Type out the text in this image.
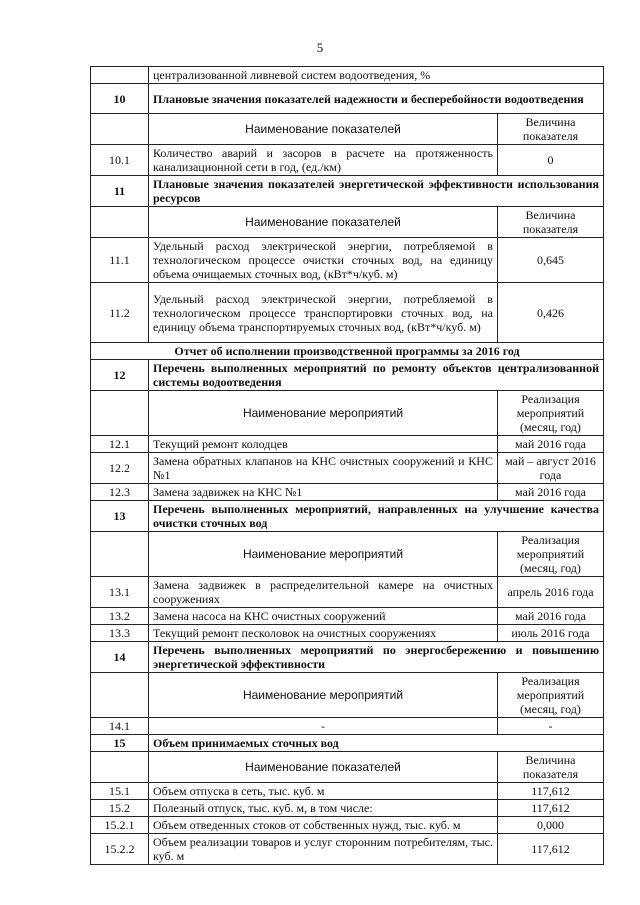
5
	централизованной ливневой систем водоотведения, %	
10	Плановые значения показателей надежности и бесперебойности водоотведения	
	Наименование показателей	Величина показателя
10.1	Количество аварий и засоров в расчете на протяженность канализационной сети в год, (ед./км)	0
11	Плановые значения показателей энергетической эффективности использования ресурсов	
	Наименование показателей	Величина показателя
11.1	Удельный расход электрической энергии, потребляемой в технологическом процессе очистки сточных вод, на единицу объема очищаемых сточных вод, (кВт*ч/куб. м)	0,645
11.2	Удельный расход электрической энергии, потребляемой в технологическом процессе транспортировки сточных вод, на единицу объема транспортируемых сточных вод, (кВт*ч/куб. м)	0,426
Отчет об исполнении производственной программы за 2016 год		
12	Перечень выполненных мероприятий по ремонту объектов централизованной системы водоотведения	
	Наименование мероприятий	Реализация мероприятий (месяц, год)
12.1	Текущий ремонт колодцев	май 2016 года
12.2	Замена обратных клапанов на КНС очистных сооружений и КНС №1	май – август 2016 года
12.3	Замена задвижек на КНС №1	май 2016 года
13	Перечень выполненных мероприятий, направленных на улучшение качества очистки сточных вод	
	Наименование мероприятий	Реализация мероприятий (месяц, год)
13.1	Замена задвижек в распределительной камере на очистных сооружениях	апрель 2016 года
13.2	Замена насоса на КНС очистных сооружений	май 2016 года
13.3	Текущий ремонт песколовок на очистных сооружениях	июль 2016 года
14	Перечень выполненных мероприятий по энергосбережению и повышению энергетической эффективности	
	Наименование мероприятий	Реализация мероприятий (месяц, год)
14.1	-	-
15	Объем принимаемых сточных вод	
	Наименование показателей	Величина показателя
15.1	Объем отпуска в сеть, тыс. куб. м	117,612
15.2	Полезный отпуск, тыс. куб. м, в том числе:	117,612
15.2.1	Объем отведенных стоков от собственных нужд, тыс. куб. м	0,000
15.2.2	Объем реализации товаров и услуг сторонним потребителям, тыс. куб. м	117,612
